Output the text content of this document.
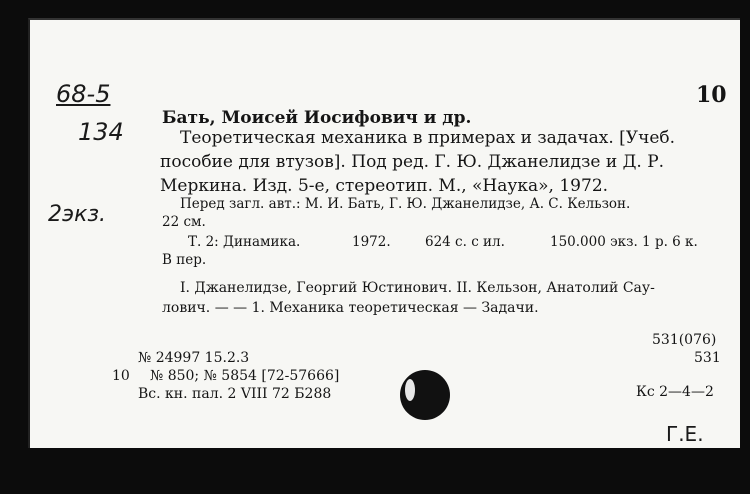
68-5
134
2экз.
10
Бать, Моисей Иосифович и др.
Теоретическая механика в примерах и задачах. [Учеб.
пособие для втузов]. Под ред. Г. Ю. Джанелидзе и Д. Р.
Меркина. Изд. 5-е, стереотип. М., «Наука», 1972.
Перед загл. авт.: М. И. Бать, Г. Ю. Джанелидзе, А. С. Кельзон.
22 см.
Т. 2: Динамика.	1972.	624 с. с ил.	150.000 экз. 1 р. 6 к.
В пер.
I. Джанелидзе, Георгий Юстинович. II. Кельзон, Анатолий Сау-
лович. — — 1. Механика теоретическая — Задачи.
531(076)
531
№ 24997 15.2.3
10 № 850; № 5854 [72-57666]
Вс. кн. пал. 2 VIII 72 Б288	Кс 2—4—2
Г.Е.
